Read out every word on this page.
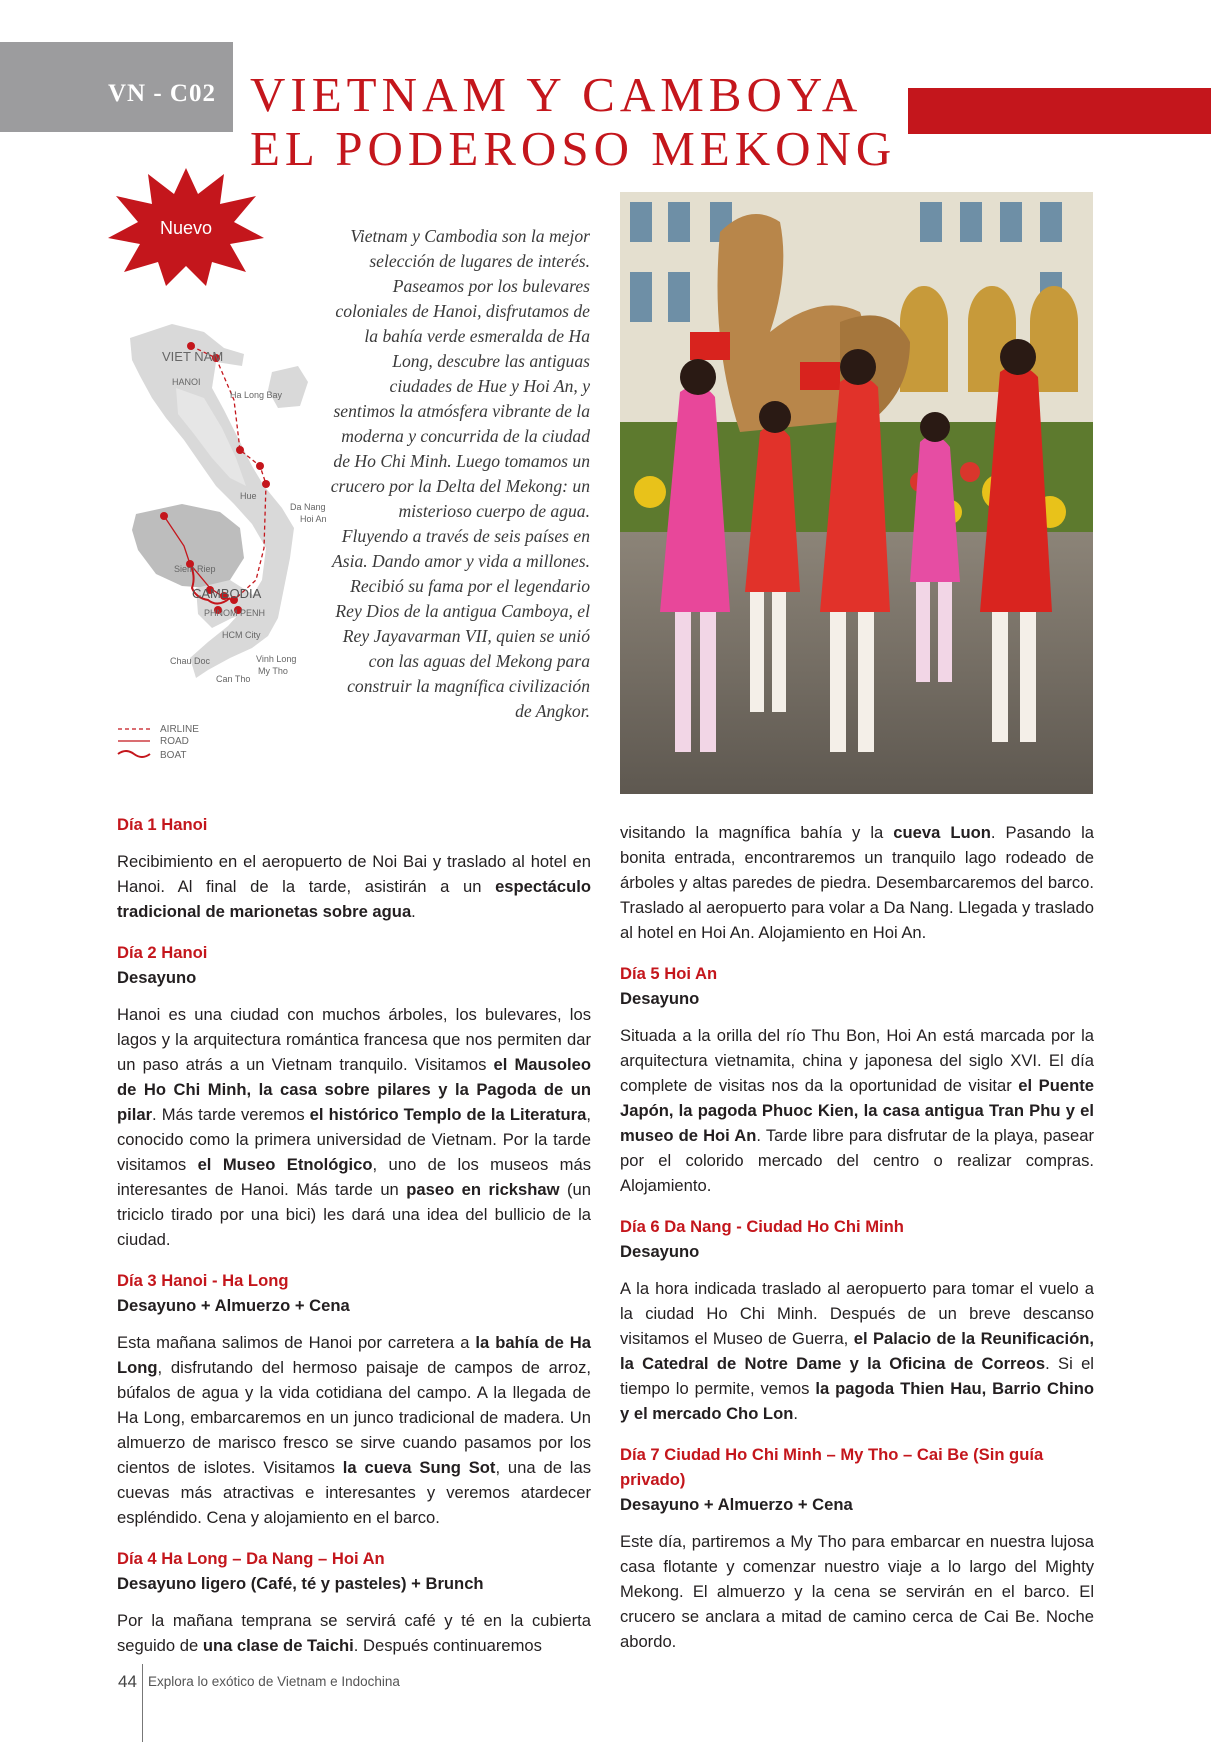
VN - C02 VIETNAM Y CAMBOYA
EL PODEROSO MEKONG
Nuevo
VIET NAM
HANOI
Ha Long Bay
Hue
Da Nang
Hoi An
Siem Riep
CAMBODIA
PHNOM PENH
HCM City
Chau Doc	Vinh Long
My Tho
Can Tho
AIRLINE
ROAD
BOAT
Vietnam y Cambodia son la mejor selección de lugares de interés. Paseamos por los bulevares coloniales de Hanoi, disfrutamos de la bahía verde esmeralda de Ha Long, descubre las antiguas ciudades de Hue y Hoi An, y sentimos la atmósfera vibrante de la moderna y concurrida de la ciudad de Ho Chi Minh. Luego tomamos un crucero por la Delta del Mekong: un misterioso cuerpo de agua. Fluyendo a través de seis países en Asia. Dando amor y vida a millones. Recibió su fama por el legendario Rey Dios de la antigua Camboya, el Rey Jayavarman VII, quien se unió con las aguas del Mekong para construir la magnífica civilización de Angkor.

Día 1 Hanoi

Recibimiento en el aeropuerto de Noi Bai y traslado al hotel en Hanoi. Al final de la tarde, asistirán a un espectáculo tradicional de marionetas sobre agua.

Día 2 Hanoi

Desayuno

Hanoi es una ciudad con muchos árboles, los bulevares, los lagos y la arquitectura romántica francesa que nos permiten dar un paso atrás a un Vietnam tranquilo. Visitamos el Mausoleo de Ho Chi Minh, la casa sobre pilares y la Pagoda de un pilar. Más tarde veremos el histórico Templo de la Literatura, conocido como la primera universidad de Vietnam. Por la tarde visitamos el Museo Etnológico, uno de los museos más interesantes de Hanoi. Más tarde un paseo en rickshaw (un triciclo tirado por una bici) les dará una idea del bullicio de la ciudad.

Día 3 Hanoi - Ha Long

Desayuno + Almuerzo + Cena

Esta mañana salimos de Hanoi por carretera a la bahía de Ha Long, disfrutando del hermoso paisaje de campos de arroz, búfalos de agua y la vida cotidiana del campo. A la llegada de Ha Long, embarcaremos en un junco tradicional de madera. Un almuerzo de marisco fresco se sirve cuando pasamos por los cientos de islotes. Visitamos la cueva Sung Sot, una de las cuevas más atractivas e interesantes y veremos atardecer espléndido. Cena y alojamiento en el barco.

Día 4 Ha Long – Da Nang – Hoi An

Desayuno ligero (Café, té y pasteles) + Brunch

Por la mañana temprana se servirá café y té en la cubierta seguido de una clase de Taichi. Después continuaremos

visitando la magnífica bahía y la cueva Luon. Pasando la bonita entrada, encontraremos un tranquilo lago rodeado de árboles y altas paredes de piedra. Desembarcaremos del barco. Traslado al aeropuerto para volar a Da Nang. Llegada y traslado al hotel en Hoi An. Alojamiento en Hoi An.

Día 5 Hoi An

Desayuno

Situada a la orilla del río Thu Bon, Hoi An está marcada por la arquitectura vietnamita, china y japonesa del siglo XVI. El día complete de visitas nos da la oportunidad de visitar el Puente Japón, la pagoda Phuoc Kien, la casa antigua Tran Phu y el museo de Hoi An. Tarde libre para disfrutar de la playa, pasear por el colorido mercado del centro o realizar compras. Alojamiento.

Día 6 Da Nang - Ciudad Ho Chi Minh

Desayuno

A la hora indicada traslado al aeropuerto para tomar el vuelo a la ciudad Ho Chi Minh. Después de un breve descanso visitamos el Museo de Guerra, el Palacio de la Reunificación, la Catedral de Notre Dame y la Oficina de Correos. Si el tiempo lo permite, vemos la pagoda Thien Hau, Barrio Chino y el mercado Cho Lon.

Día 7 Ciudad Ho Chi Minh – My Tho – Cai Be (Sin guía privado)

Desayuno + Almuerzo + Cena

Este día, partiremos a My Tho para embarcar en nuestra lujosa casa flotante y comenzar nuestro viaje a lo largo del Mighty Mekong. El almuerzo y la cena se servirán en el barco. El crucero se anclara a mitad de camino cerca de Cai Be. Noche abordo.

44 Explora lo exótico de Vietnam e Indochina
